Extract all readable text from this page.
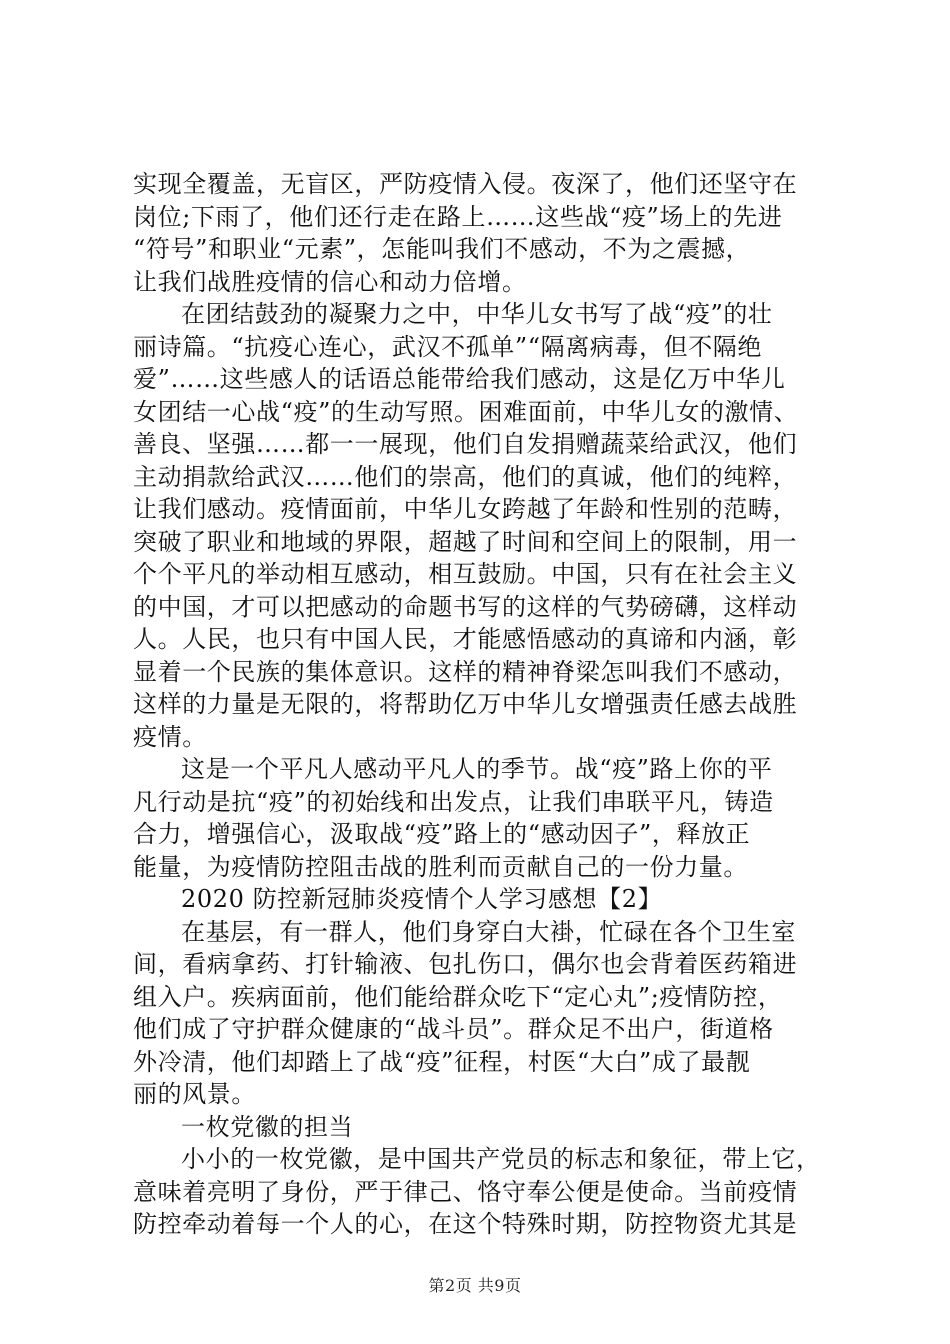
实现全覆盖，无盲区，严防疫情入侵。夜深了，他们还坚守在
岗位;下雨了，他们还行走在路上……这些战“疫”场上的先进
“符号”和职业“元素”，怎能叫我们不感动，不为之震撼，
让我们战胜疫情的信心和动力倍增。
在团结鼓劲的凝聚力之中，中华儿女书写了战“疫”的壮
丽诗篇。“抗疫心连心，武汉不孤单”“隔离病毒，但不隔绝
爱”……这些感人的话语总能带给我们感动，这是亿万中华儿
女团结一心战“疫”的生动写照。困难面前，中华儿女的激情、
善良、坚强……都一一展现，他们自发捐赠蔬菜给武汉，他们
主动捐款给武汉……他们的崇高，他们的真诚，他们的纯粹，
让我们感动。疫情面前，中华儿女跨越了年龄和性别的范畴，
突破了职业和地域的界限，超越了时间和空间上的限制，用一
个个平凡的举动相互感动，相互鼓励。中国，只有在社会主义
的中国，才可以把感动的命题书写的这样的气势磅礴，这样动
人。人民，也只有中国人民，才能感悟感动的真谛和内涵，彰
显着一个民族的集体意识。这样的精神脊梁怎叫我们不感动，
这样的力量是无限的，将帮助亿万中华儿女增强责任感去战胜
疫情。
这是一个平凡人感动平凡人的季节。战“疫”路上你的平
凡行动是抗“疫”的初始线和出发点，让我们串联平凡，铸造
合力，增强信心，汲取战“疫”路上的“感动因子”，释放正
能量，为疫情防控阻击战的胜利而贡献自己的一份力量。
2020 防控新冠肺炎疫情个人学习感想【2】
在基层，有一群人，他们身穿白大褂，忙碌在各个卫生室
间，看病拿药、打针输液、包扎伤口，偶尔也会背着医药箱进
组入户。疾病面前，他们能给群众吃下“定心丸”;疫情防控，
他们成了守护群众健康的“战斗员”。群众足不出户，街道格
外冷清，他们却踏上了战“疫”征程，村医“大白”成了最靓
丽的风景。
一枚党徽的担当
小小的一枚党徽，是中国共产党员的标志和象征，带上它，
意味着亮明了身份，严于律己、恪守奉公便是使命。当前疫情
防控牵动着每一个人的心，在这个特殊时期，防控物资尤其是
第2页 共9页
